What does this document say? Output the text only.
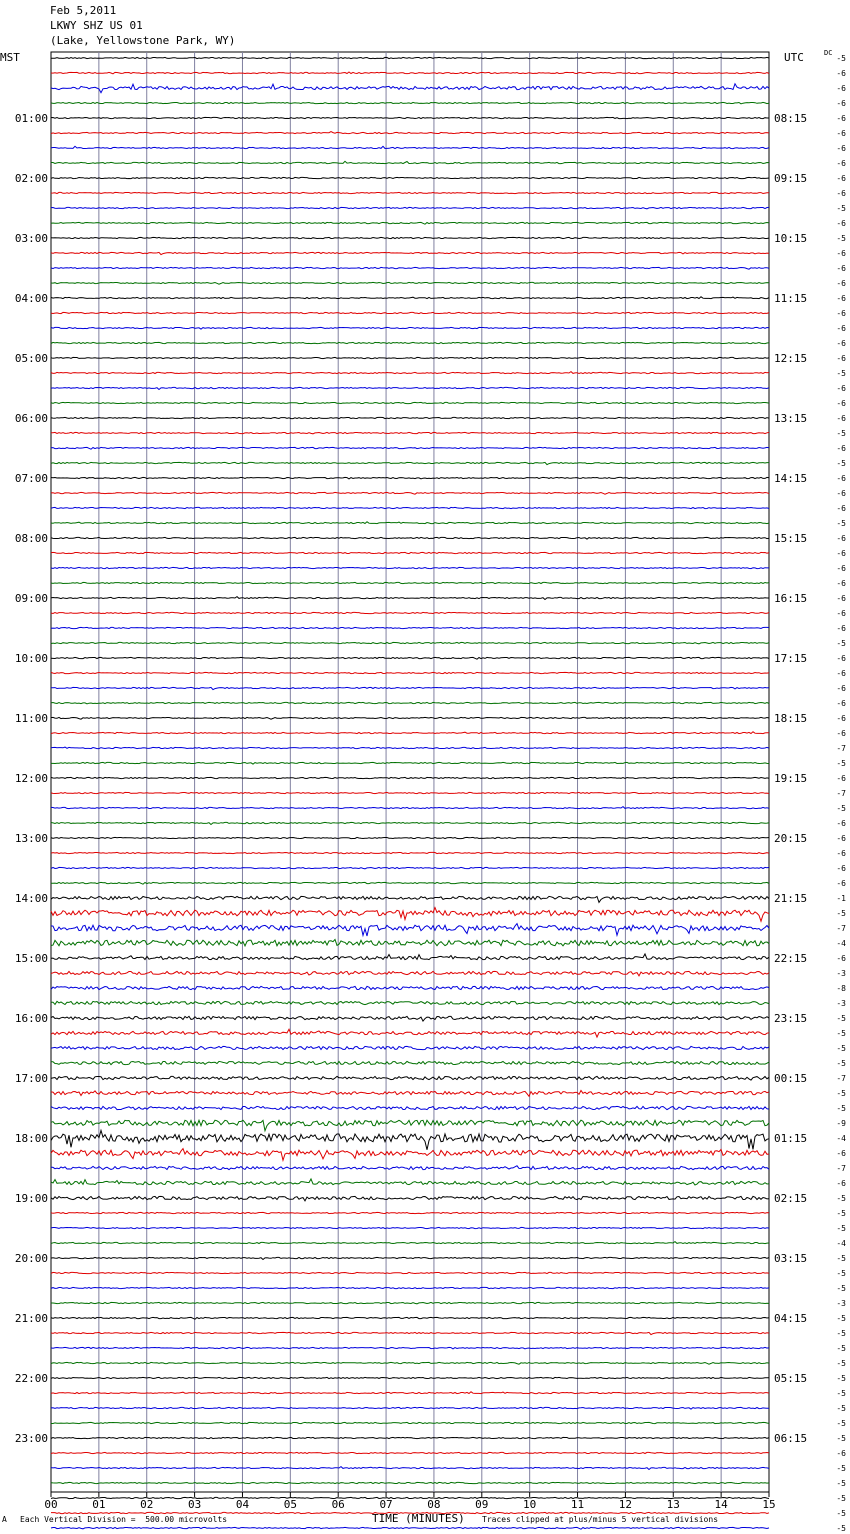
Feb 5,2011
LKWY SHZ US 01
(Lake, Yellowstone Park, WY)
MST	UTC	DC
00	01	02	03	04	05	06	07	08	09	10	11	12	13	14	15
-5
-6
-6
-6
-6
01:00	08:15
-6
-6
-6
-6
02:00	09:15
-6
-5
-6
-5
03:00	10:15
-6
-6
-6
-6
04:00	11:15
-6
-6
-6
-6
05:00	12:15
-5
-6
-6
-6
06:00	13:15
-5
-6
-5
-6
07:00	14:15
-6
-6
-5
-6
08:00	15:15
-6
-6
-6
-6
09:00	16:15
-6
-6
-5
-6
10:00	17:15
-6
-6
-6
-6
11:00	18:15
-6
-7
-5
-6
12:00	19:15
-7
-5
-6
-6
13:00	20:15
-6
-6
-6
-1
14:00	21:15
-5
-7
-4
-6
15:00	22:15
-3
-8
-3
-5
16:00	23:15
-5
-5
-5
-7
17:00	00:15
-5
-5
-9
-4
18:00	01:15
-6
-7
-6
-5
19:00	02:15
-5
-5
-4
-5
20:00	03:15
-5
-5
-3
-5
21:00	04:15
-5
-5
-5
-5
22:00	05:15
-5
-5
-5
-5
23:00	06:15
-6
-5
-5
-5
-5
-5
A Each Vertical Division =  500.00 microvolts	TIME (MINUTES) Traces clipped at plus/minus 5 vertical divisions
